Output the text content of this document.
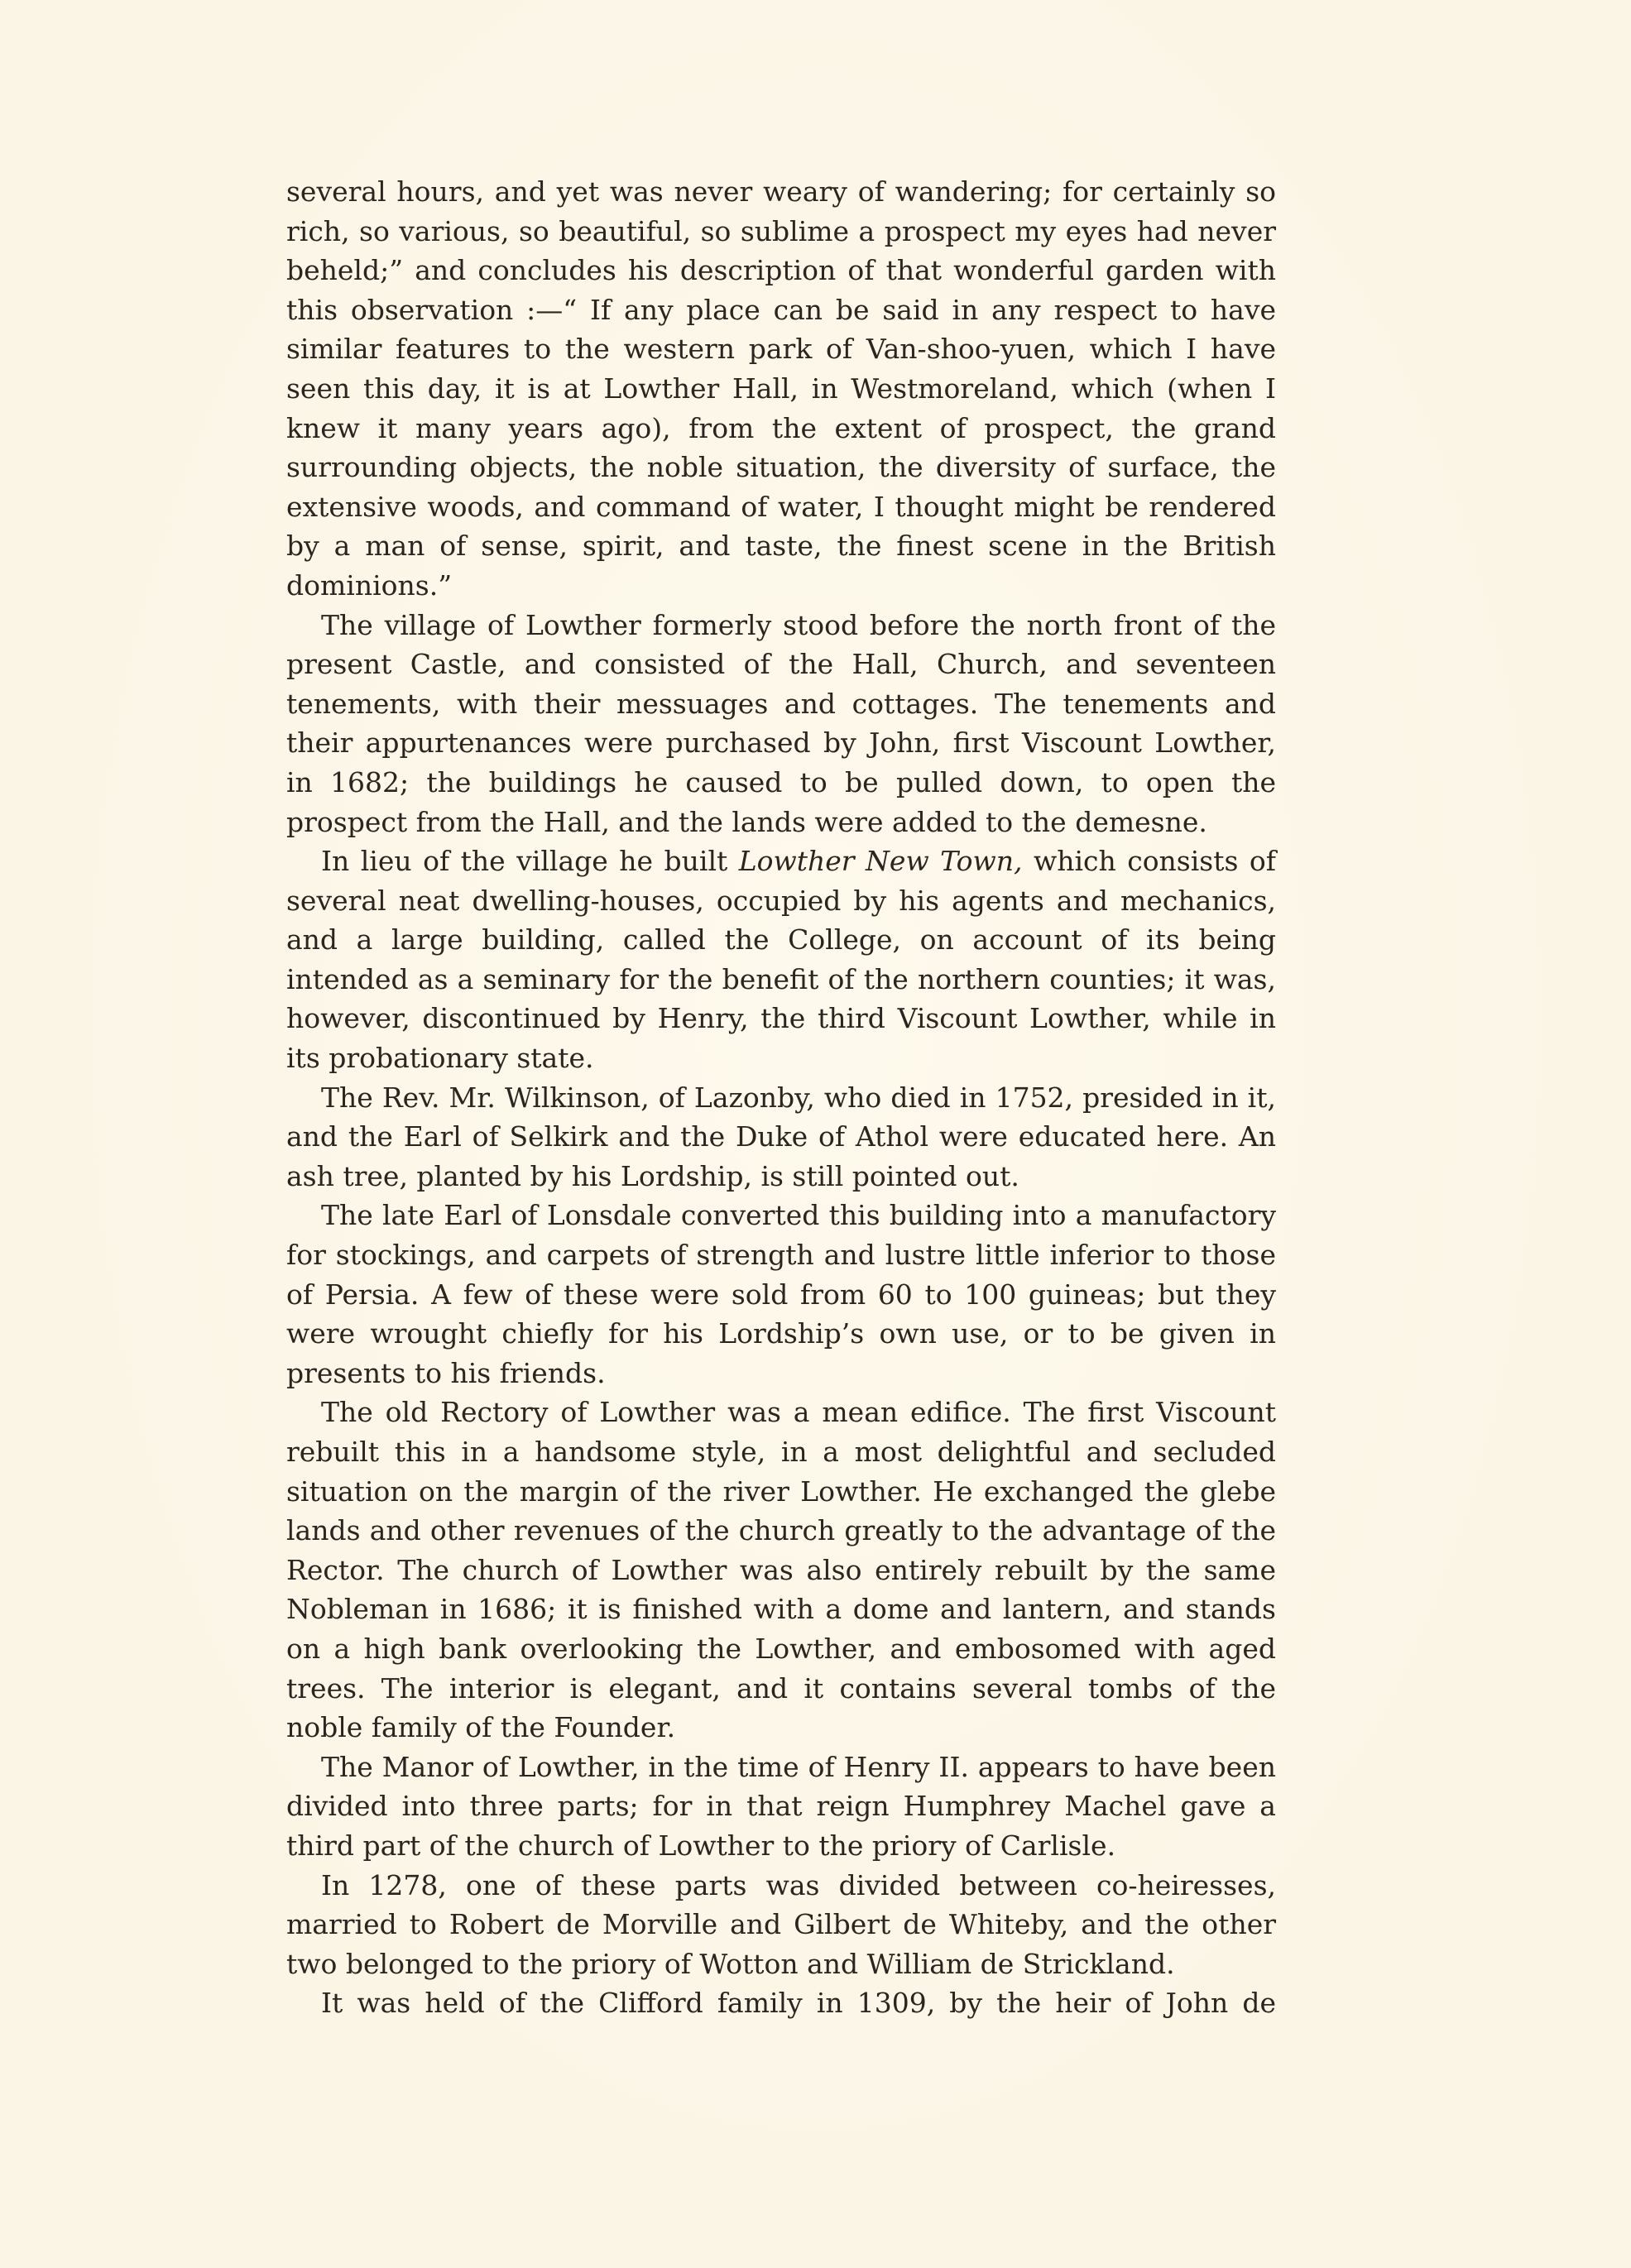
several hours, and yet was never weary of wandering; for certainly so rich, so various, so beautiful, so sublime a prospect my eyes had never beheld;” and concludes his description of that wonderful garden with this observation :—“ If any place can be said in any respect to have similar features to the western park of Van-shoo-yuen, which I have seen this day, it is at Lowther Hall, in Westmoreland, which (when I knew it many years ago), from the extent of prospect, the grand surrounding objects, the noble situation, the diversity of surface, the extensive woods, and command of water, I thought might be rendered by a man of sense, spirit, and taste, the finest scene in the British dominions.”

The village of Lowther formerly stood before the north front of the present Castle, and consisted of the Hall, Church, and seventeen tenements, with their messuages and cottages. The tenements and their appurtenances were purchased by John, first Viscount Lowther, in 1682; the buildings he caused to be pulled down, to open the prospect from the Hall, and the lands were added to the demesne.

In lieu of the village he built Lowther New Town, which consists of several neat dwelling-houses, occupied by his agents and mechanics, and a large building, called the College, on account of its being intended as a seminary for the benefit of the northern counties; it was, however, discontinued by Henry, the third Viscount Lowther, while in its probationary state.

The Rev. Mr. Wilkinson, of Lazonby, who died in 1752, presided in it, and the Earl of Selkirk and the Duke of Athol were educated here. An ash tree, planted by his Lordship, is still pointed out.

The late Earl of Lonsdale converted this building into a manufactory for stockings, and carpets of strength and lustre little inferior to those of Persia. A few of these were sold from 60 to 100 guineas; but they were wrought chiefly for his Lordship’s own use, or to be given in presents to his friends.

The old Rectory of Lowther was a mean edifice. The first Viscount rebuilt this in a handsome style, in a most delightful and secluded situation on the margin of the river Lowther. He exchanged the glebe lands and other revenues of the church greatly to the advantage of the Rector. The church of Lowther was also entirely rebuilt by the same Nobleman in 1686; it is finished with a dome and lantern, and stands on a high bank overlooking the Lowther, and embosomed with aged trees. The interior is elegant, and it contains several tombs of the noble family of the Founder.

The Manor of Lowther, in the time of Henry II. appears to have been divided into three parts; for in that reign Humphrey Machel gave a third part of the church of Lowther to the priory of Carlisle.

In 1278, one of these parts was divided between co-heiresses, married to Robert de Morville and Gilbert de Whiteby, and the other two belonged to the priory of Wotton and William de Strickland.

It was held of the Clifford family in 1309, by the heir of John de
